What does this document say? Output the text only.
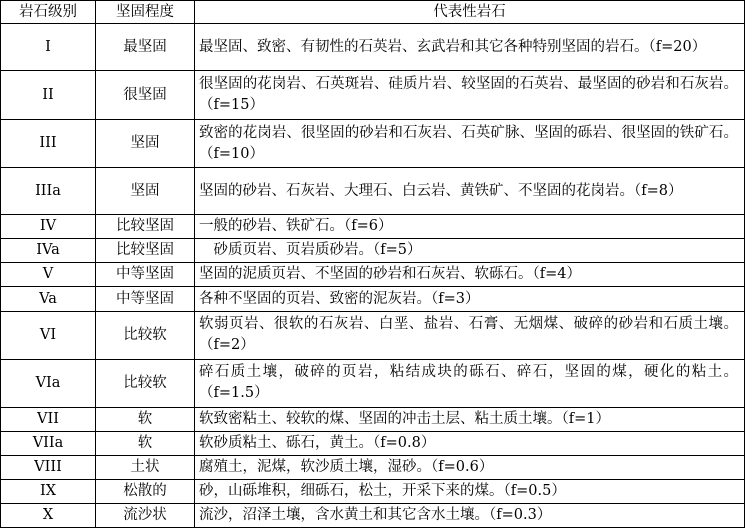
岩石级别	坚固程度	代表性岩石
I	最坚固	最坚固、致密、有韧性的石英岩、玄武岩和其它各种特别坚固的岩石。（f=20）
II	很坚固	很坚固的花岗岩、石英斑岩、硅质片岩、较坚固的石英岩、最坚固的砂岩和石灰岩。（f=15）
III	坚固	致密的花岗岩、很坚固的砂岩和石灰岩、石英矿脉、坚固的砾岩、很坚固的铁矿石。（f=10）
IIIa	坚固	坚固的砂岩、石灰岩、大理石、白云岩、黄铁矿、不坚固的花岗岩。（f=8）
IV	比较坚固	一般的砂岩、铁矿石。（f=6）
IVa	比较坚固	　砂质页岩、页岩质砂岩。（f=5）
V	中等坚固	坚固的泥质页岩、不坚固的砂岩和石灰岩、软砾石。（f=4）
Va	中等坚固	各种不坚固的页岩、致密的泥灰岩。（f=3）
VI	比较软	软弱页岩、很软的石灰岩、白垩、盐岩、石膏、无烟煤、破碎的砂岩和石质土壤。（f=2）
VIa	比较软	碎石质土壤，破碎的页岩，粘结成块的砾石、碎石，坚固的煤，硬化的粘土。（f=1.5）
VII	软	软致密粘土、较软的煤、坚固的冲击土层、粘土质土壤。（f=1）
VIIa	软	软砂质粘土、砾石，黄土。（f=0.8）
VIII	土状	腐殖土，泥煤，软沙质土壤，湿砂。（f=0.6）
IX	松散的	砂，山砾堆积，细砾石，松土，开采下来的煤。（f=0.5）
X	流沙状	流沙，沼泽土壤，含水黄土和其它含水土壤。（f=0.3）
